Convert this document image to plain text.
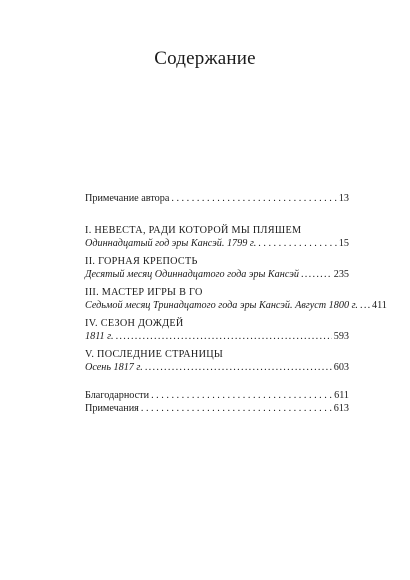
Содержание
Примечание автора . . .	13
I. НЕВЕСТА, РАДИ КОТОРОЙ МЫ ПЛЯШЕМ
Одиннадцатый год эры Кансэй. 1799 г. . . .	15
II. ГОРНАЯ КРЕПОСТЬ
Десятый месяц Одиннадцатого года эры Кансэй .....	235
III. МАСТЕР ИГРЫ В ГО
Седьмой месяц Тринадцатого года эры Кансэй. Август 1800 г. ..... 411
IV. СЕЗОН ДОЖДЕЙ
1811 г. .....	593
V. ПОСЛЕДНИЕ СТРАНИЦЫ
Осень 1817 г. .....	603
Благодарности . . .	611
Примечания . . .	613
